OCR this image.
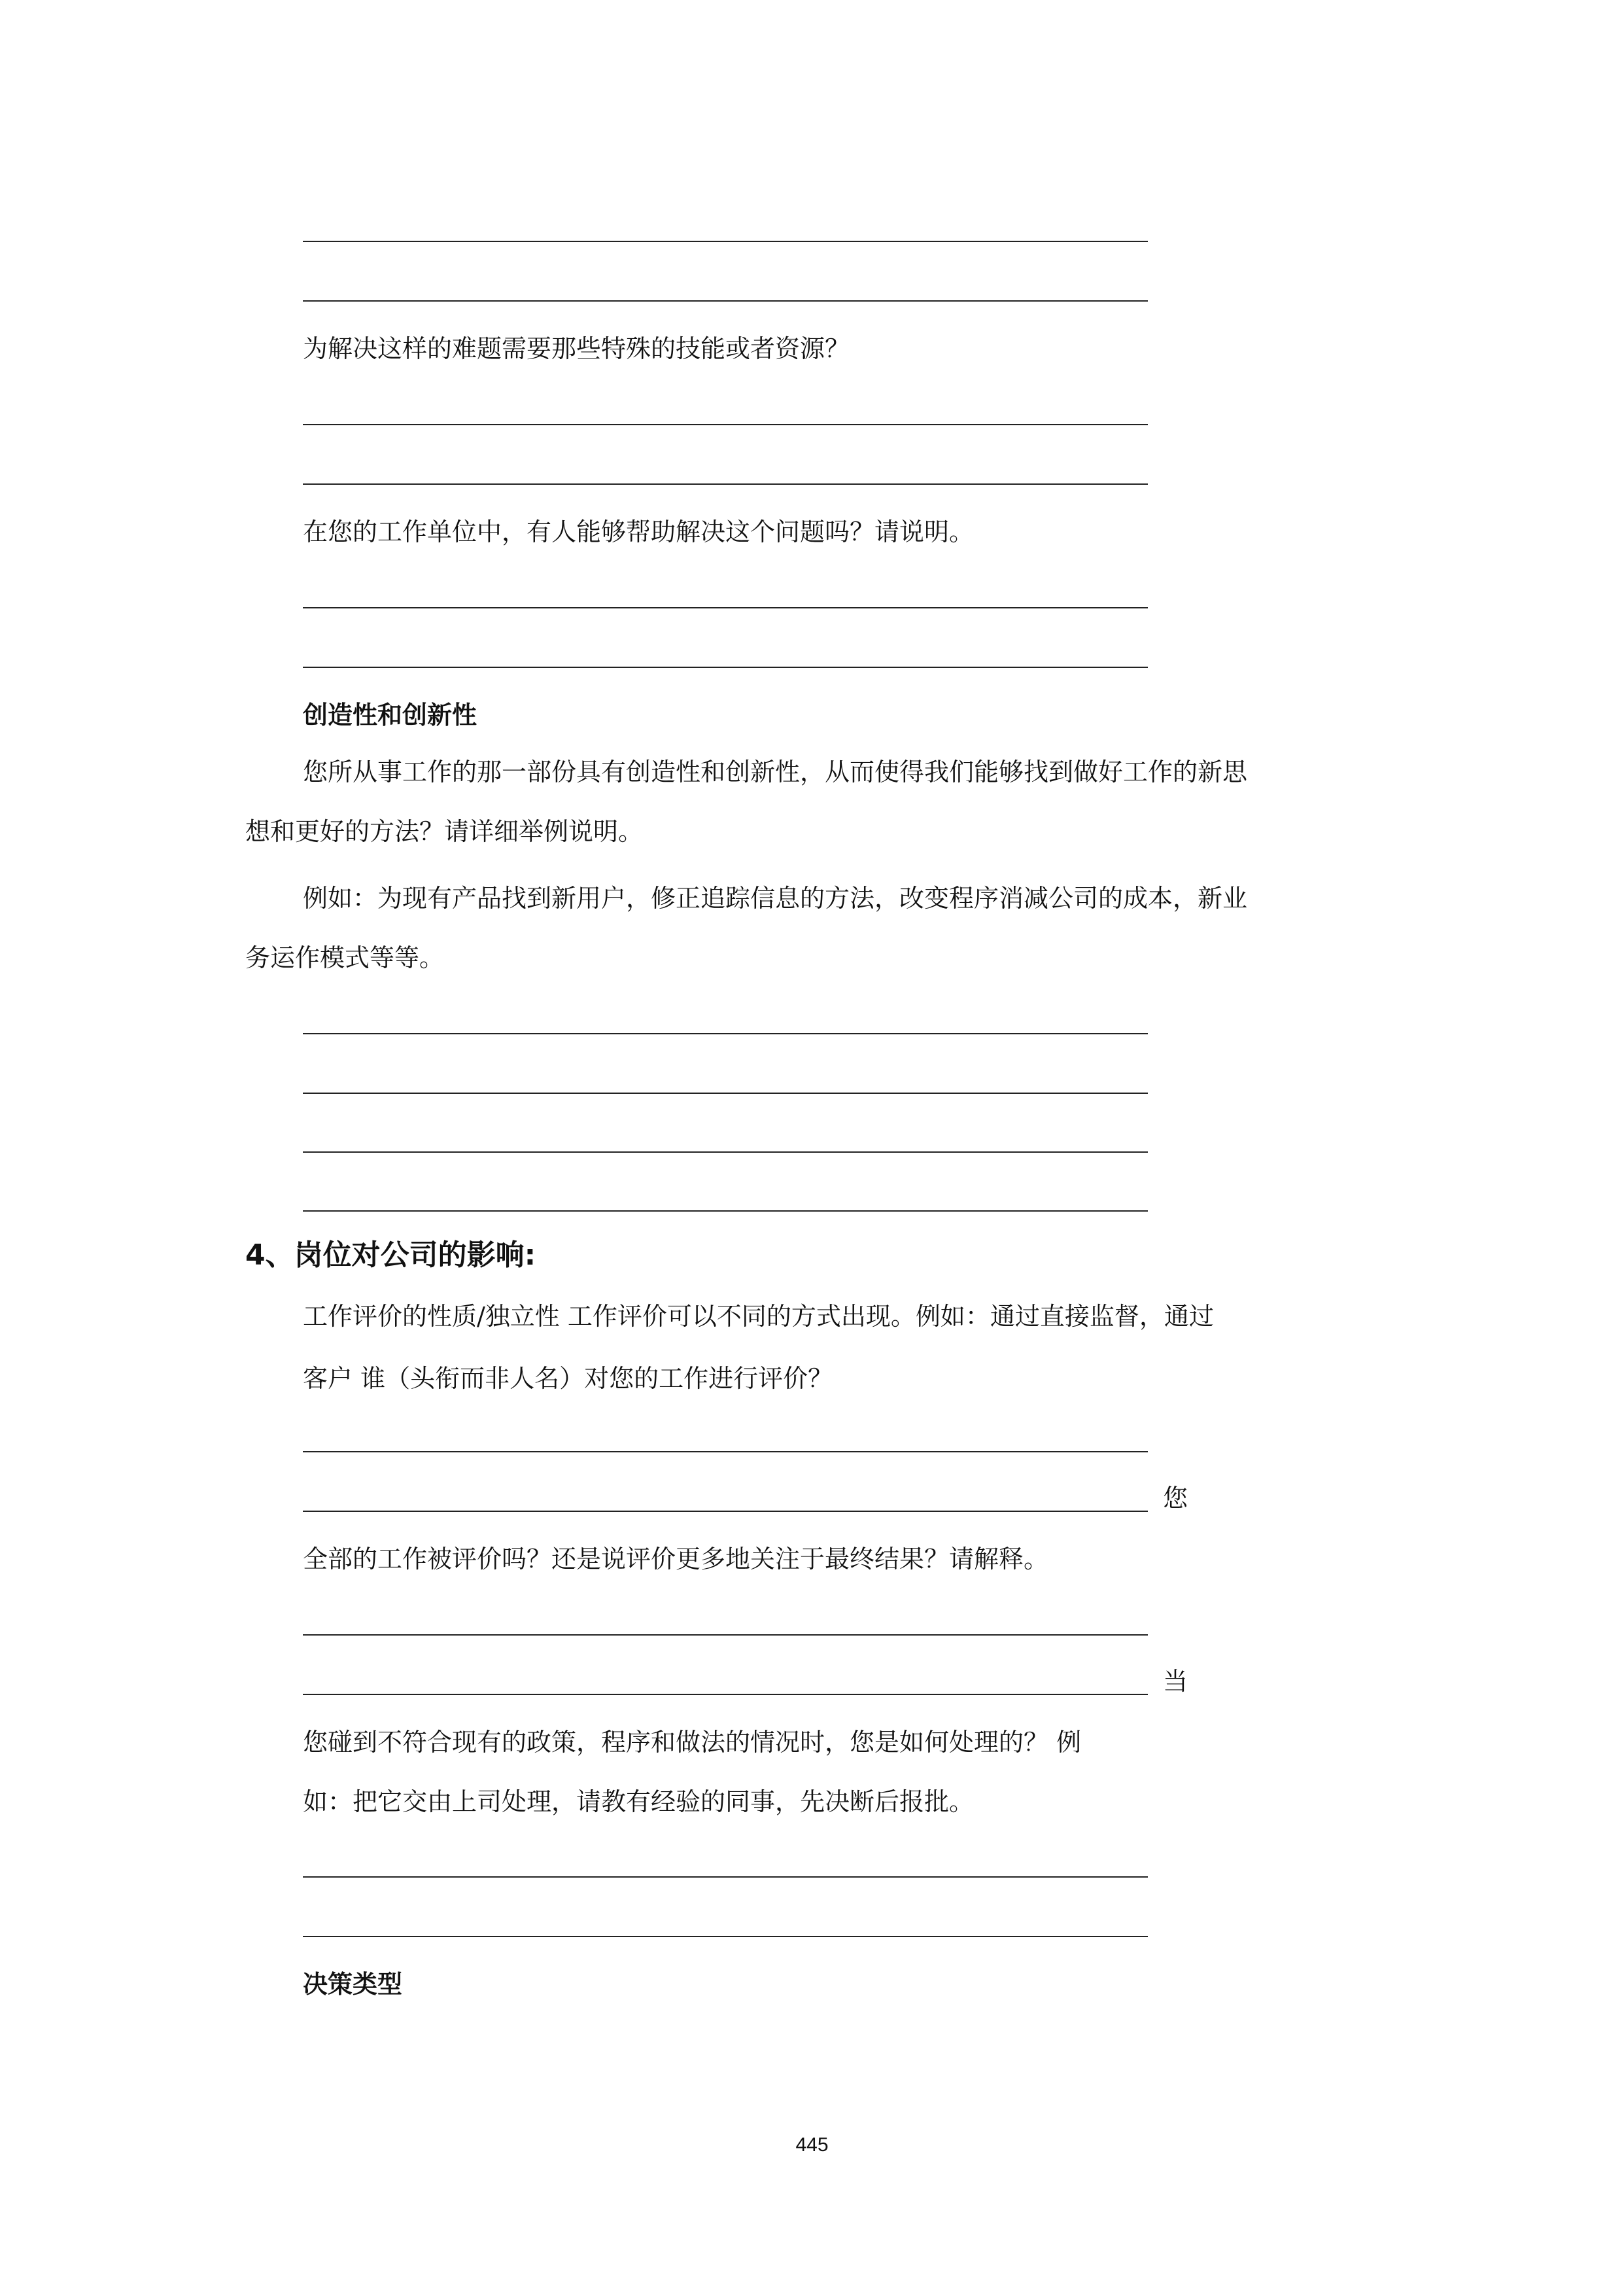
为解决这样的难题需要那些特殊的技能或者资源？
在您的工作单位中，有人能够帮助解决这个问题吗？请说明。
创造性和创新性
您所从事工作的那一部份具有创造性和创新性，从而使得我们能够找到做好工作的新思
想和更好的方法？请详细举例说明。
例如：为现有产品找到新用户，修正追踪信息的方法，改变程序消减公司的成本，新业
务运作模式等等。
4、岗位对公司的影响:
工作评价的性质/独立性 工作评价可以不同的方式出现。例如：通过直接监督，通过
客户 谁（头衔而非人名）对您的工作进行评价？
您
全部的工作被评价吗？还是说评价更多地关注于最终结果？请解释。
当
您碰到不符合现有的政策，程序和做法的情况时，您是如何处理的？ 例
如：把它交由上司处理，请教有经验的同事，先决断后报批。
决策类型
445
